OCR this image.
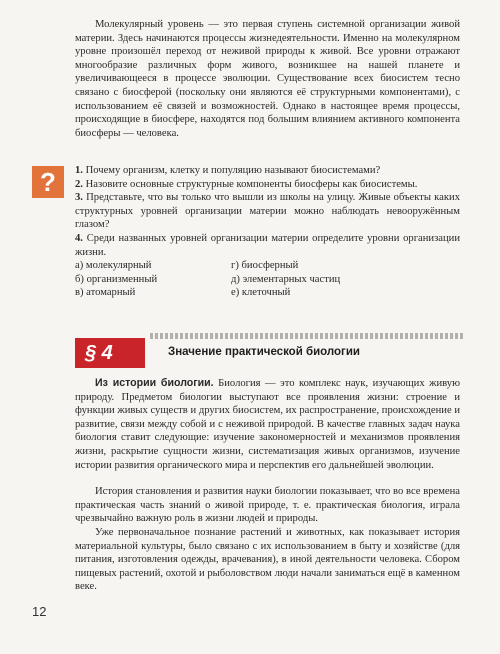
Молекулярный уровень — это первая ступень системной организации живой материи. Здесь начинаются процессы жизнедеятельности. Именно на молекулярном уровне произошёл переход от неживой природы к живой. Все уровни отражают многообразие различных форм живого, возникшее на нашей планете и увеличивающееся в процессе эволюции. Существование всех биосистем тесно связано с биосферой (поскольку они являются её структурными компонентами), с использованием её связей и возможностей. Однако в настоящее время процессы, происходящие в биосфере, находятся под большим влиянием активного компонента биосферы — человека.

?	1. Почему организм, клетку и популяцию называют биосистемами?

2. Назовите основные структурные компоненты биосферы как биосистемы.

3. Представьте, что вы только что вышли из школы на улицу. Живые объекты каких структурных уровней организации материи можно наблюдать невооружённым глазом?

4. Среди названных уровней организации материи определите уровни организации жизни.

а) молекулярный	г) биосферный
б) организменный	д) элементарных частиц
в) атомарный	е) клеточный
§ 4	Значение практической биологии

Из истории биологии. Биология — это комплекс наук, изучающих живую природу. Предметом биологии выступают все проявления жизни: строение и функции живых существ и других биосистем, их распространение, происхождение и развитие, связи между собой и с неживой природой. В качестве главных задач наука биология ставит следующие: изучение закономерностей и механизмов проявления жизни, раскрытие сущности жизни, систематизация живых организмов, изучение истории развития органического мира и перспектив его дальнейшей эволюции.

История становления и развития науки биологии показывает, что во все времена практическая часть знаний о живой природе, т. е. практическая биология, играла чрезвычайно важную роль в жизни людей и природы.

Уже первоначальное познание растений и животных, как показывает история материальной культуры, было связано с их использованием в быту и хозяйстве (для питания, изготовления одежды, врачевания), в иной деятельности человека. Сбором пищевых растений, охотой и рыболовством люди начали заниматься ещё в каменном веке.

12
